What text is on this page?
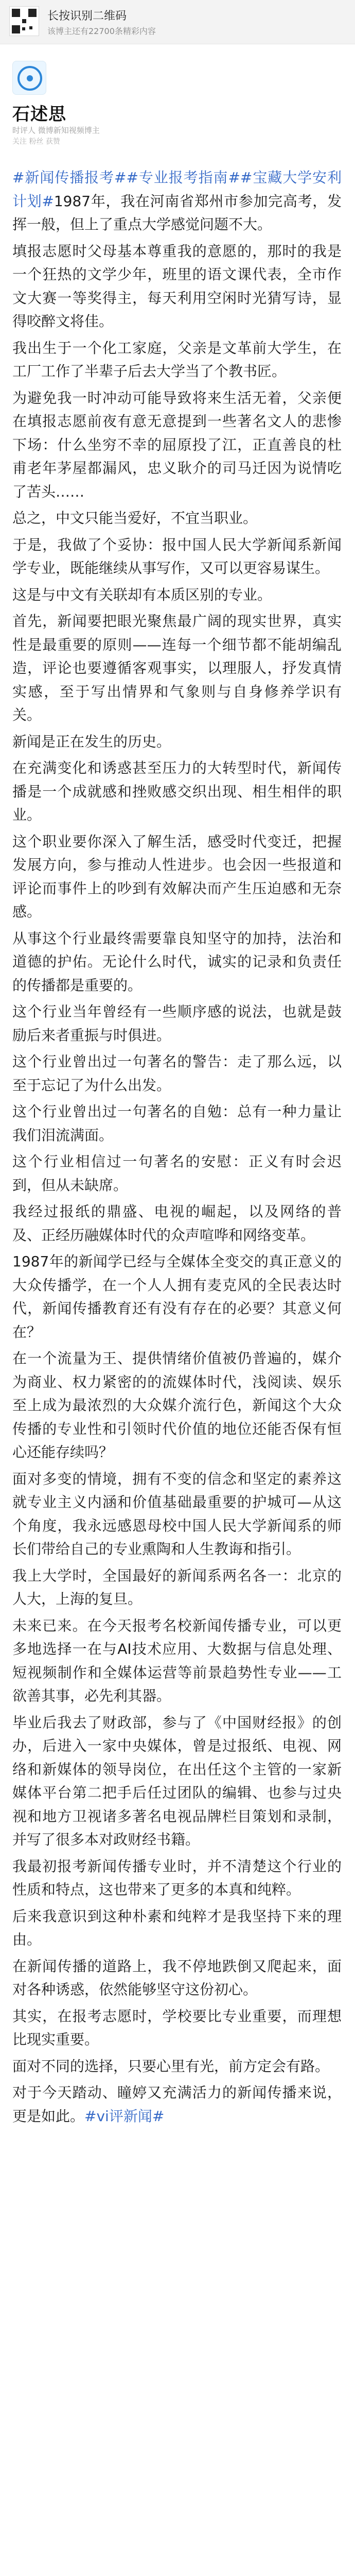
长按识别二维码
该博主还有22700条精彩内容
石述思
时评人 微博新知视频博主
关注 粉丝 获赞

#新闻传播报考##专业报考指南##宝藏大学安利计划#1987年，我在河南省郑州市参加完高考，发挥一般，但上了重点大学感觉问题不大。

填报志愿时父母基本尊重我的意愿的，那时的我是一个狂热的文学少年，班里的语文课代表，全市作文大赛一等奖得主，每天利用空闲时光猜写诗，显得咬醉文将佳。

我出生于一个化工家庭，父亲是文革前大学生，在工厂工作了半辈子后去大学当了个教书匠。

为避免我一时冲动可能导致将来生活无着，父亲便在填报志愿前夜有意无意提到一些著名文人的悲惨下场：什么坐穷不幸的屈原投了江，正直善良的杜甫老年茅屋都漏风，忠义耿介的司马迁因为说情吃了苦头……

总之，中文只能当爱好，不宜当职业。

于是，我做了个妥协：报中国人民大学新闻系新闻学专业，既能继续从事写作，又可以更容易谋生。

这是与中文有关联却有本质区别的专业。

首先，新闻要把眼光聚焦最广阔的现实世界，真实性是最重要的原则——连每一个细节都不能胡编乱造，评论也要遵循客观事实，以理服人，抒发真情实感，至于写出情界和气象则与自身修养学识有关。

新闻是正在发生的历史。

在充满变化和诱惑甚至压力的大转型时代，新闻传播是一个成就感和挫败感交织出现、相生相伴的职业。

这个职业要你深入了解生活，感受时代变迁，把握发展方向，参与推动人性进步。也会因一些报道和评论而事件上的吵到有效解决而产生压迫感和无奈感。

从事这个行业最终需要靠良知坚守的加持，法治和道德的护佑。无论什么时代，诚实的记录和负责任的传播都是重要的。

这个行业当年曾经有一些顺序感的说法，也就是鼓励后来者重振与时俱进。

这个行业曾出过一句著名的警告：走了那么远，以至于忘记了为什么出发。

这个行业曾出过一句著名的自勉：总有一种力量让我们泪流满面。

这个行业相信过一句著名的安慰：正义有时会迟到，但从未缺席。

我经过报纸的鼎盛、电视的崛起，以及网络的普及、正经历融媒体时代的众声喧哗和网络变革。

1987年的新闻学已经与全媒体全变交的真正意义的大众传播学，在一个人人拥有麦克风的全民表达时代，新闻传播教育还有没有存在的必要？其意义何在？

在一个流量为王、提供情绪价值被仍普遍的，媒介为商业、权力紧密的的流媒体时代，浅阅读、娱乐至上成为最浓烈的大众媒介流行色，新闻这个大众传播的专业性和引领时代价值的地位还能否保有恒心还能存续吗？

面对多变的情境，拥有不变的信念和坚定的素养这就专业主义内涵和价值基础最重要的护城可—从这个角度，我永远感恩母校中国人民大学新闻系的师长们带给自己的专业熏陶和人生教诲和指引。

我上大学时，全国最好的新闻系两名各一：北京的人大，上海的复旦。

未来已来。在今天报考名校新闻传播专业，可以更多地选择一在与AI技术应用、大数据与信息处理、短视频制作和全媒体运营等前景趋势性专业——工欲善其事，必先利其器。

毕业后我去了财政部，参与了《中国财经报》的创办，后进入一家中央媒体，曾是过报纸、电视、网络和新媒体的领导岗位，在出任这个主管的一家新媒体平台第二把手后任过团队的编辑、也参与过央视和地方卫视诸多著名电视品牌栏目策划和录制，并写了很多本对政财经书籍。

我最初报考新闻传播专业时，并不清楚这个行业的性质和特点，这也带来了更多的本真和纯粹。

后来我意识到这种朴素和纯粹才是我坚持下来的理由。

在新闻传播的道路上，我不停地跌倒又爬起来，面对各种诱惑，依然能够坚守这份初心。

其实，在报考志愿时，学校要比专业重要，而理想比现实重要。

面对不同的选择，只要心里有光，前方定会有路。

对于今天踏动、瞳婷又充满活力的新闻传播来说，更是如此。#vi评新闻#
